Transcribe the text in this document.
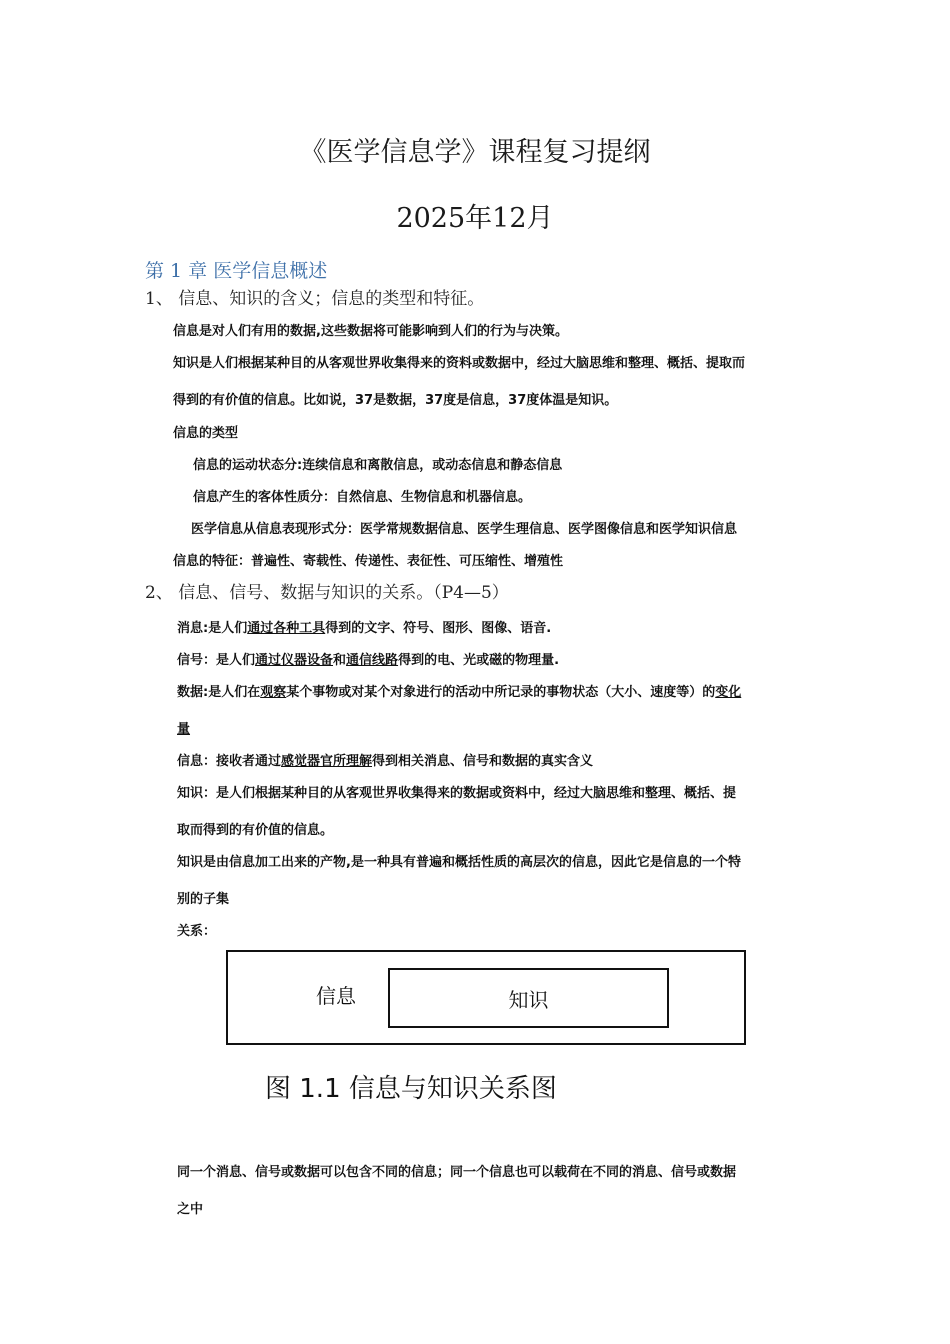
《医学信息学》课程复习提纲
2025年12月
第 1 章 医学信息概述
1、 信息、知识的含义；信息的类型和特征。
信息是对人们有用的数据,这些数据将可能影响到人们的行为与决策。
知识是人们根据某种目的从客观世界收集得来的资料或数据中，经过大脑思维和整理、概括、提取而
得到的有价值的信息。比如说，37是数据，37度是信息，37度体温是知识。
信息的类型
信息的运动状态分:连续信息和离散信息，或动态信息和静态信息
信息产生的客体性质分：自然信息、生物信息和机器信息。
医学信息从信息表现形式分：医学常规数据信息、医学生理信息、医学图像信息和医学知识信息
信息的特征：普遍性、寄载性、传递性、表征性、可压缩性、增殖性
2、 信息、信号、数据与知识的关系。（P4—5）
消息:是人们通过各种工具得到的文字、符号、图形、图像、语音.
信号：是人们通过仪器设备和通信线路得到的电、光或磁的物理量.
数据:是人们在观察某个事物或对某个对象进行的活动中所记录的事物状态（大小、速度等）的变化
量
信息：接收者通过感觉器官所理解得到相关消息、信号和数据的真实含义
知识：是人们根据某种目的从客观世界收集得来的数据或资料中，经过大脑思维和整理、概括、提
取而得到的有价值的信息。
知识是由信息加工出来的产物,是一种具有普遍和概括性质的高层次的信息，因此它是信息的一个特
别的子集
关系：
信息	知识
图 1.1 信息与知识关系图
同一个消息、信号或数据可以包含不同的信息；同一个信息也可以载荷在不同的消息、信号或数据
之中
